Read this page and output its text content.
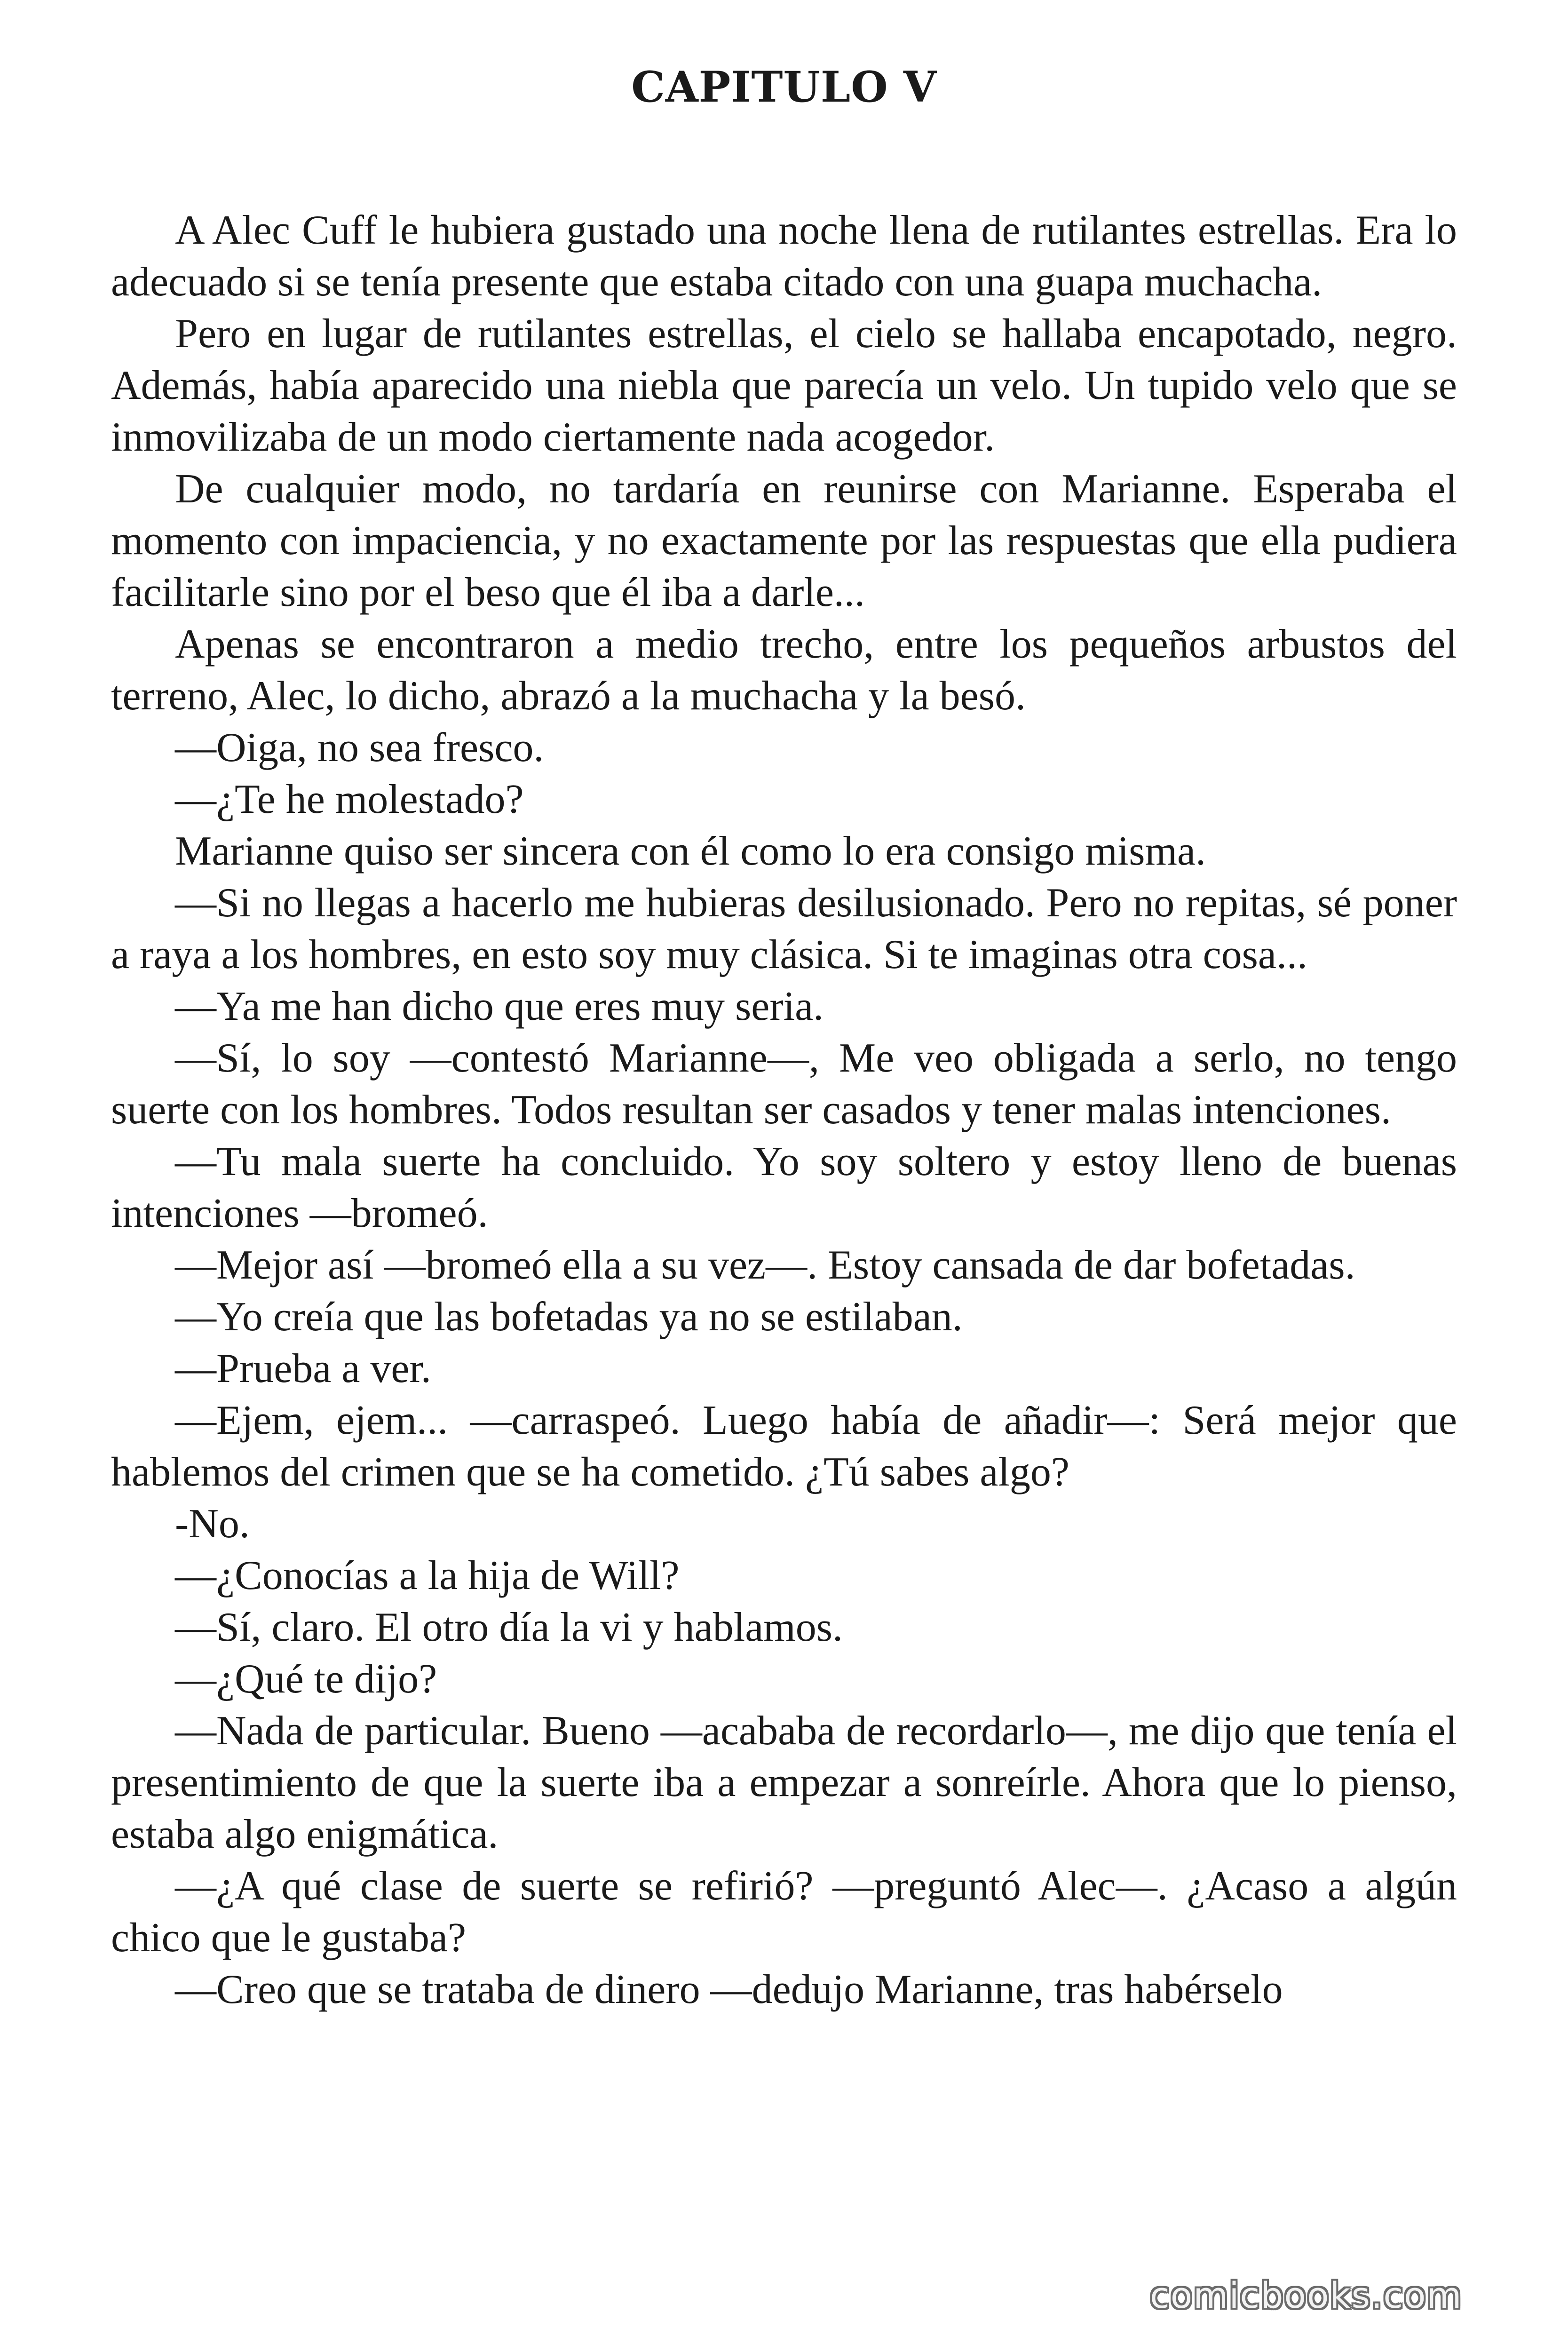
CAPITULO V

A Alec Cuff le hubiera gustado una noche llena de rutilantes estrellas. Era lo adecuado si se tenía presente que estaba citado con una guapa muchacha.

Pero en lugar de rutilantes estrellas, el cielo se hallaba encapotado, negro. Además, había aparecido una niebla que parecía un velo. Un tupido velo que se inmovilizaba de un modo ciertamente nada acogedor.

De cualquier modo, no tardaría en reunirse con Marianne. Esperaba el momento con impaciencia, y no exactamente por las respuestas que ella pudiera facilitarle sino por el beso que él iba a darle...

Apenas se encontraron a medio trecho, entre los pequeños arbustos del terreno, Alec, lo dicho, abrazó a la muchacha y la besó.

—Oiga, no sea fresco.

—¿Te he molestado?

Marianne quiso ser sincera con él como lo era consigo misma.

—Si no llegas a hacerlo me hubieras desilusionado. Pero no repitas, sé poner a raya a los hombres, en esto soy muy clásica. Si te imaginas otra cosa...

—Ya me han dicho que eres muy seria.

—Sí, lo soy —contestó Marianne—, Me veo obligada a serlo, no tengo suerte con los hombres. Todos resultan ser casados y tener malas intenciones.

—Tu mala suerte ha concluido. Yo soy soltero y estoy lleno de buenas intenciones —bromeó.

—Mejor así —bromeó ella a su vez—. Estoy cansada de dar bofetadas.

—Yo creía que las bofetadas ya no se estilaban.

—Prueba a ver.

—Ejem, ejem... —carraspeó. Luego había de añadir—: Será mejor que hablemos del crimen que se ha cometido. ¿Tú sabes algo?

-No.

—¿Conocías a la hija de Will?

—Sí, claro. El otro día la vi y hablamos.

—¿Qué te dijo?

—Nada de particular. Bueno —acababa de recordarlo—, me dijo que tenía el presentimiento de que la suerte iba a empezar a sonreírle. Ahora que lo pienso, estaba algo enigmática.

—¿A qué clase de suerte se refirió? —preguntó Alec—. ¿Acaso a algún chico que le gustaba?

—Creo que se trataba de dinero —dedujo Marianne, tras habérselo

comicbooks.com
